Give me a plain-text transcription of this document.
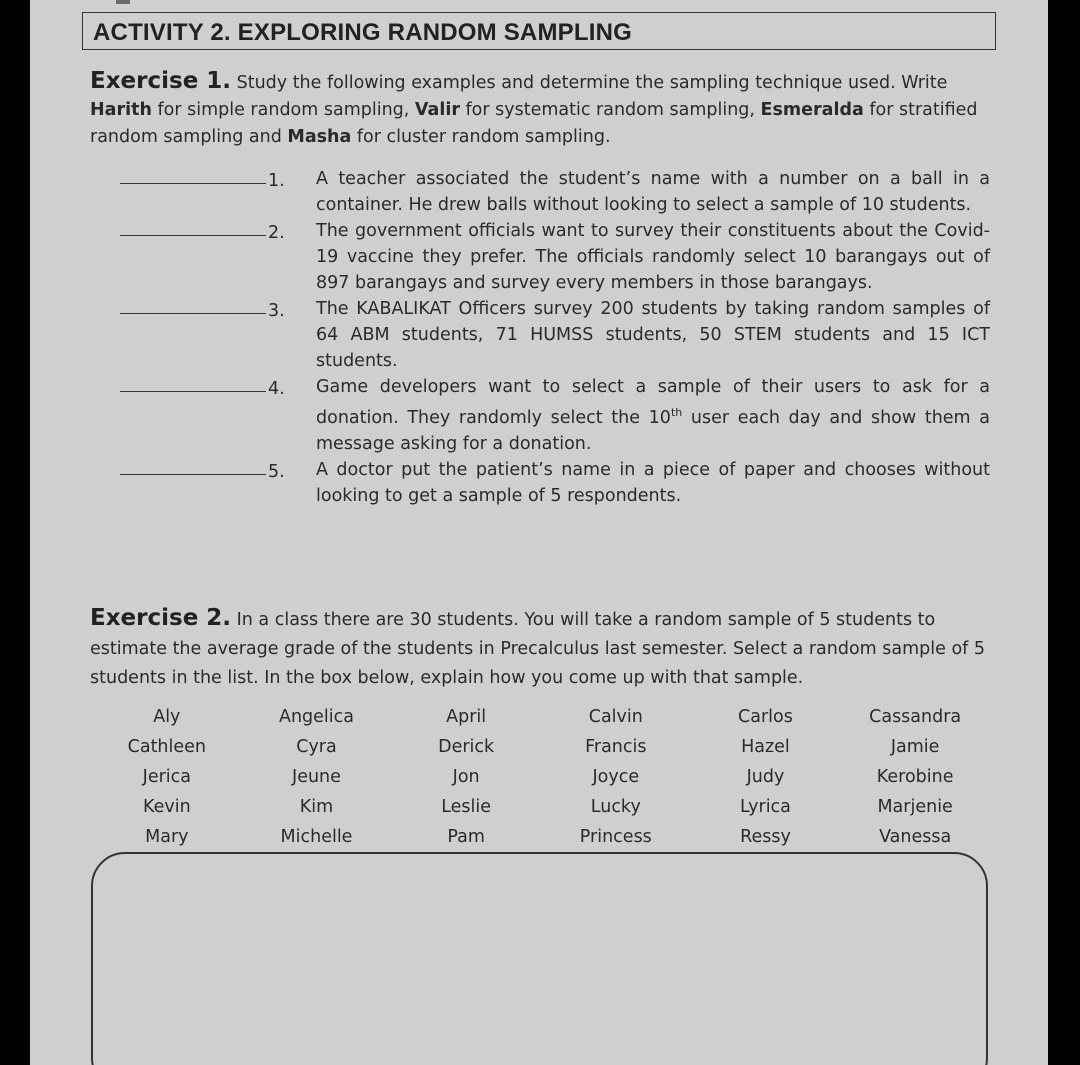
ACTIVITY 2. EXPLORING RANDOM SAMPLING
Exercise 1. Study the following examples and determine the sampling technique used. Write Harith for simple random sampling, Valir for systematic random sampling, Esmeralda for stratified random sampling and Masha for cluster random sampling.
1. A teacher associated the student’s name with a number on a ball in a container. He drew balls without looking to select a sample of 10 students.
2. The government officials want to survey their constituents about the Covid-19 vaccine they prefer. The officials randomly select 10 barangays out of 897 barangays and survey every members in those barangays.
3. The KABALIKAT Officers survey 200 students by taking random samples of 64 ABM students, 71 HUMSS students, 50 STEM students and 15 ICT students.
4. Game developers want to select a sample of their users to ask for a donation. They randomly select the 10th user each day and show them a message asking for a donation.
5. A doctor put the patient’s name in a piece of paper and chooses without looking to get a sample of 5 respondents.
Exercise 2. In a class there are 30 students. You will take a random sample of 5 students to estimate the average grade of the students in Precalculus last semester. Select a random sample of 5 students in the list. In the box below, explain how you come up with that sample.
Aly	Angelica	April	Calvin	Carlos	Cassandra
Cathleen	Cyra	Derick	Francis	Hazel	Jamie
Jerica	Jeune	Jon	Joyce	Judy	Kerobine
Kevin	Kim	Leslie	Lucky	Lyrica	Marjenie
Mary	Michelle	Pam	Princess	Ressy	Vanessa
